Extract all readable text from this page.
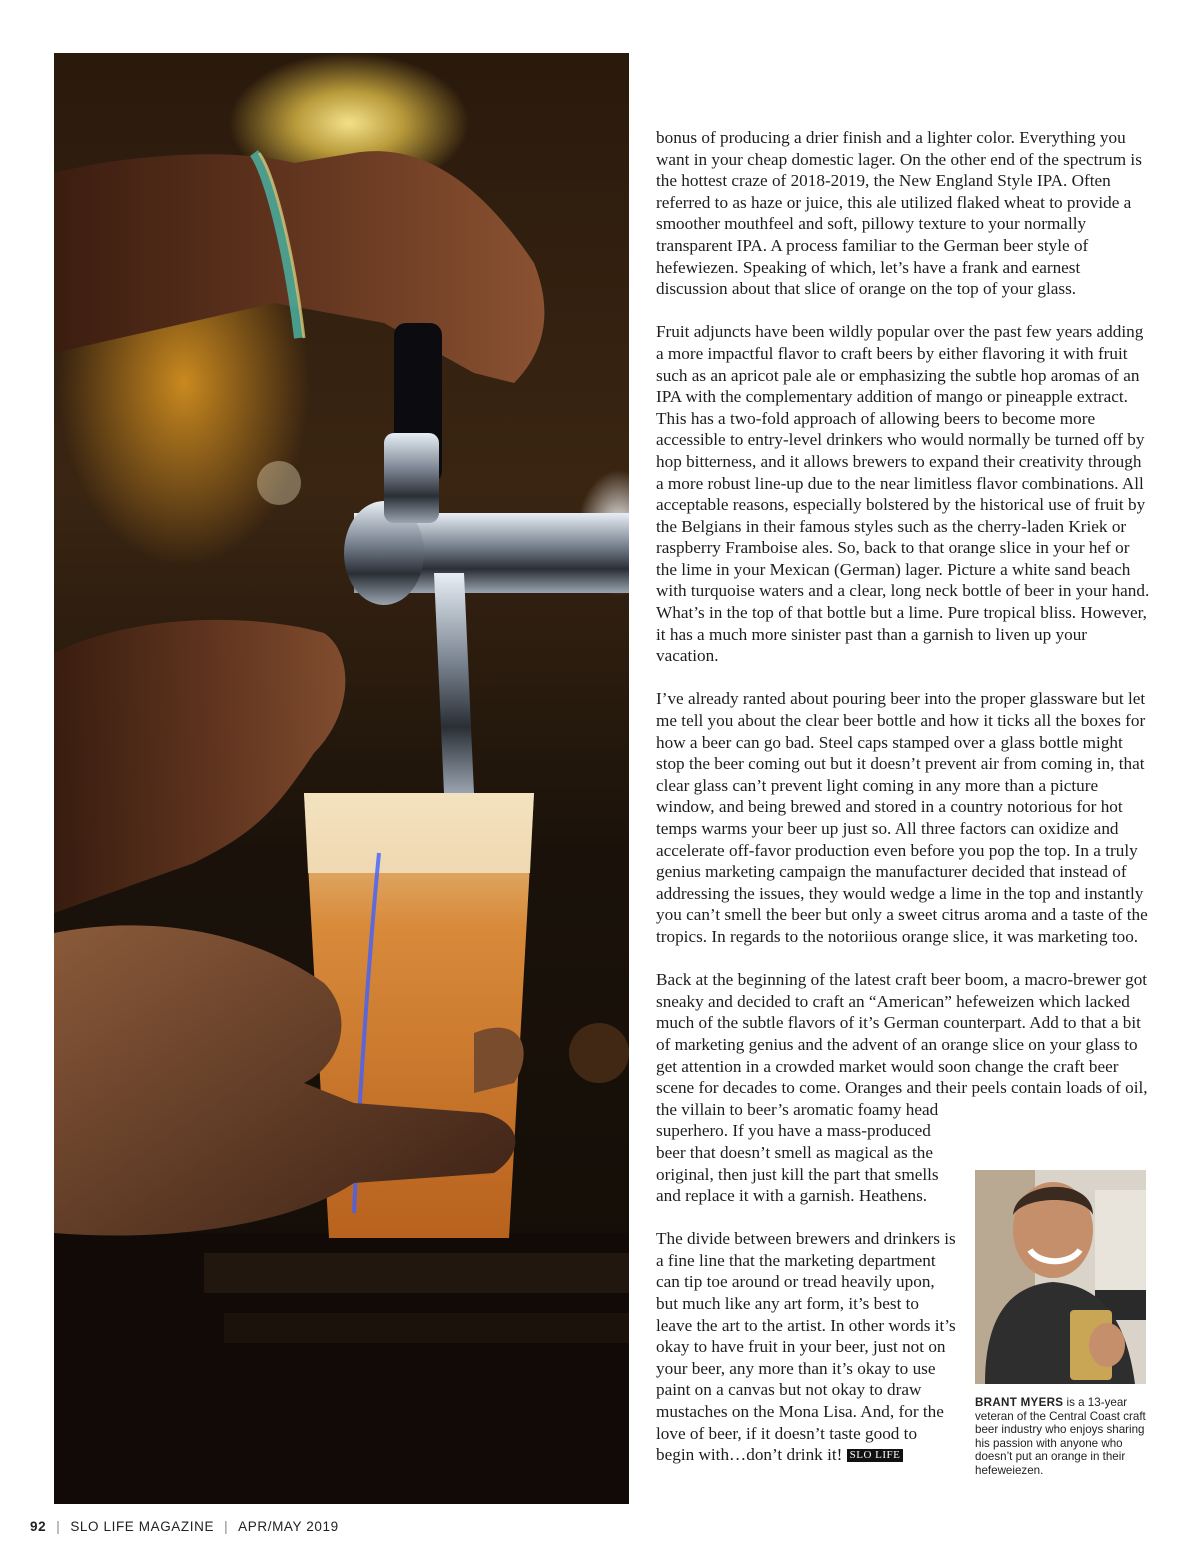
bonus of producing a drier finish and a lighter color. Everything you want in your cheap domestic lager. On the other end of the spectrum is the hottest craze of 2018-2019, the New England Style IPA. Often referred to as haze or juice, this ale utilized flaked wheat to provide a smoother mouthfeel and soft, pillowy texture to your normally transparent IPA. A process familiar to the German beer style of hefewiezen. Speaking of which, let’s have a frank and earnest discussion about that slice of orange on the top of your glass.

Fruit adjuncts have been wildly popular over the past few years adding a more impactful flavor to craft beers by either flavoring it with fruit such as an apricot pale ale or emphasizing the subtle hop aromas of an IPA with the complementary addition of mango or pineapple extract. This has a two-fold approach of allowing beers to become more accessible to entry-level drinkers who would normally be turned off by hop bitterness, and it allows brewers to expand their creativity through a more robust line-up due to the near limitless flavor combinations. All acceptable reasons, especially bolstered by the historical use of fruit by the Belgians in their famous styles such as the cherry-laden Kriek or raspberry Framboise ales. So, back to that orange slice in your hef or the lime in your Mexican (German) lager. Picture a white sand beach with turquoise waters and a clear, long neck bottle of beer in your hand. What’s in the top of that bottle but a lime. Pure tropical bliss. However, it has a much more sinister past than a garnish to liven up your vacation.

I’ve already ranted about pouring beer into the proper glassware but let me tell you about the clear beer bottle and how it ticks all the boxes for how a beer can go bad. Steel caps stamped over a glass bottle might stop the beer coming out but it doesn’t prevent air from coming in, that clear glass can’t prevent light coming in any more than a picture window, and being brewed and stored in a country notorious for hot temps warms your beer up just so. All three factors can oxidize and accelerate off-favor production even before you pop the top. In a truly genius marketing campaign the manufacturer decided that instead of addressing the issues, they would wedge a lime in the top and instantly you can’t smell the beer but only a sweet citrus aroma and a taste of the tropics. In regards to the notoriious orange slice, it was marketing too.

Back at the beginning of the latest craft beer boom, a macro-brewer got sneaky and decided to craft an “American” hefeweizen which lacked much of the subtle flavors of it’s German counterpart. Add to that a bit of marketing genius and the advent of an orange slice on your glass to get attention in a crowded market would soon change the craft beer scene for decades to come. Oranges and their peels contain loads of oil, the villain to beer’s aromatic foamy head

superhero. If you have a mass-produced beer that doesn’t smell as magical as the original, then just kill the part that smells and replace it with a garnish. Heathens.

The divide between brewers and drinkers is a fine line that the marketing department can tip toe around or tread heavily upon, but much like any art form, it’s best to leave the art to the artist. In other words it’s okay to have fruit in your beer, just not on your beer, any more than it’s okay to use paint on a canvas but not okay to draw mustaches on the Mona Lisa. And, for the love of beer, if it doesn’t taste good to begin with…don’t drink it! SLO LIFE

BRANT MYERS is a 13-year veteran of the Central Coast craft beer industry who enjoys sharing his passion with anyone who doesn’t put an orange in their hefeweiezen.
92 | SLO LIFE MAGAZINE | APR/MAY 2019
